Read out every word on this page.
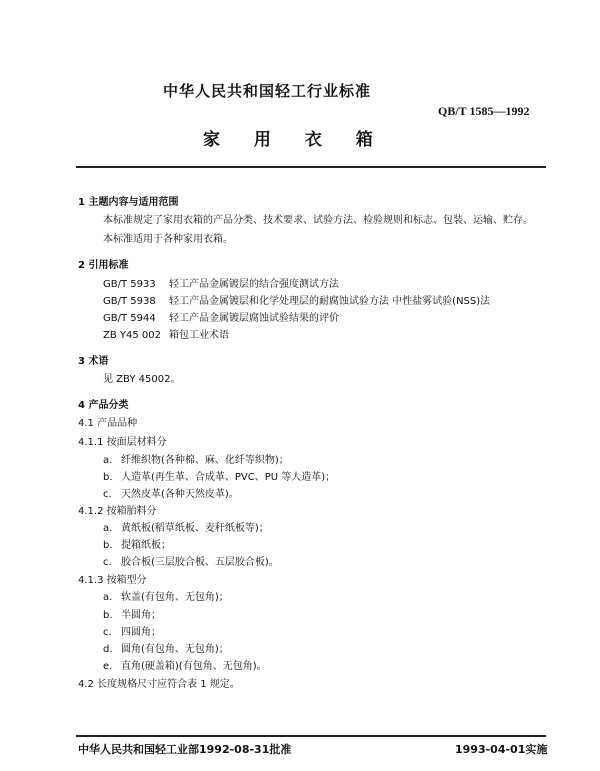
中华人民共和国轻工行业标准
QB/T 1585—1992
家 用 衣 箱
1 主题内容与适用范围
本标准规定了家用衣箱的产品分类、技术要求、试验方法、检验规则和标志、包装、运输、贮存。
本标准适用于各种家用衣箱。
2 引用标准
GB/T 5933 轻工产品金属镀层的结合强度测试方法
GB/T 5938 轻工产品金属镀层和化学处理层的耐腐蚀试验方法 中性盐雾试验(NSS)法
GB/T 5944 轻工产品金属镀层腐蚀试验结果的评价
ZB Y45 002 箱包工业术语
3 术语
见 ZBY 45002。
4 产品分类
4.1 产品品种
4.1.1 按面层材料分
a. 纤维织物(各种棉、麻、化纤等织物)；
b. 人造革(再生革、合成革、PVC、PU 等人造革)；
c. 天然皮革(各种天然皮革)。
4.1.2 按箱胎料分
a. 黄纸板(稻草纸板、麦秆纸板等)；
b. 提箱纸板；
c. 胶合板(三层胶合板、五层胶合板)。
4.1.3 按箱型分
a. 软盖(有包角、无包角)；
b. 半圆角；
c. 四圆角；
d. 圆角(有包角、无包角)；
e. 直角(硬盖箱)(有包角、无包角)。
4.2 长度规格尺寸应符合表 1 规定。
中华人民共和国轻工业部1992-08-31批准	1993-04-01实施
